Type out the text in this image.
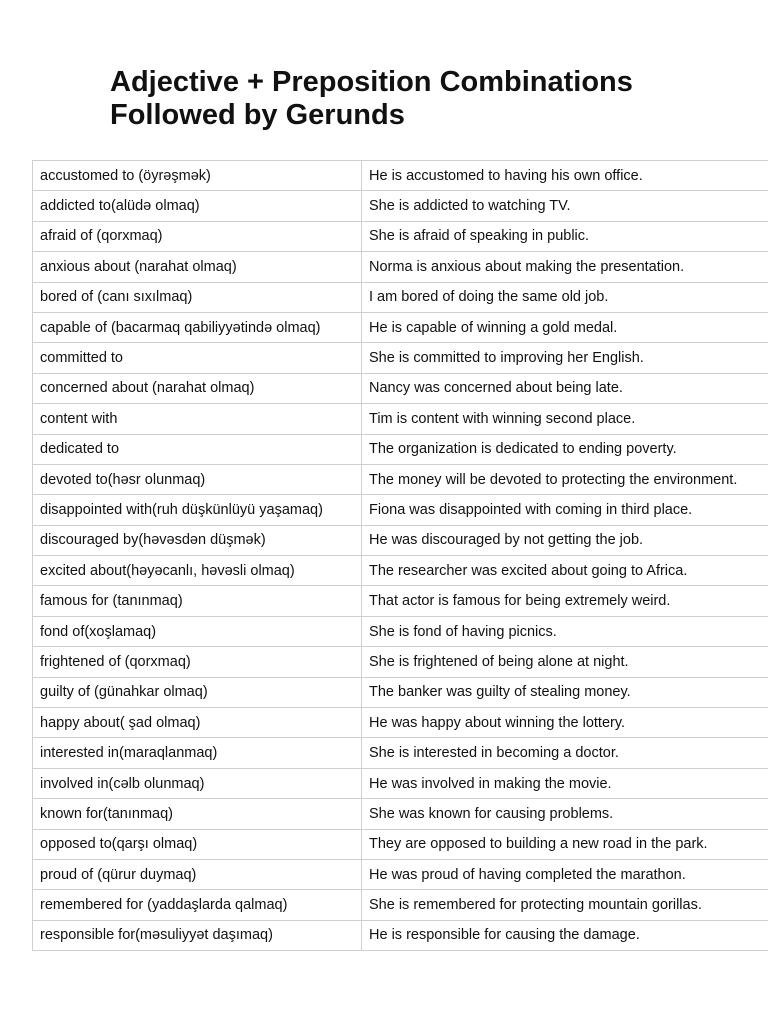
Adjective + Preposition Combinations
Followed by Gerunds
accustomed to (öyrəşmək)	He is accustomed to having his own office.
addicted to(alüdə olmaq)	She is addicted to watching TV.
afraid of (qorxmaq)	She is afraid of speaking in public.
anxious about (narahat olmaq)	Norma is anxious about making the presentation.
bored of (canı sıxılmaq)	I am bored of doing the same old job.
capable of (bacarmaq qabiliyyətində olmaq)	He is capable of winning a gold medal.
committed to	She is committed to improving her English.
concerned about (narahat olmaq)	Nancy was concerned about being late.
content with	Tim is content with winning second place.
dedicated to	The organization is dedicated to ending poverty.
devoted to(həsr olunmaq)	The money will be devoted to protecting the environment.
disappointed with(ruh düşkünlüyü yaşamaq)	Fiona was disappointed with coming in third place.
discouraged by(həvəsdən düşmək)	He was discouraged by not getting the job.
excited about(həyəcanlı, həvəsli olmaq)	The researcher was excited about going to Africa.
famous for (tanınmaq)	That actor is famous for being extremely weird.
fond of(xoşlamaq)	She is fond of having picnics.
frightened of (qorxmaq)	She is frightened of being alone at night.
guilty of (günahkar olmaq)	The banker was guilty of stealing money.
happy about( şad olmaq)	He was happy about winning the lottery.
interested in(maraqlanmaq)	She is interested in becoming a doctor.
involved in(cəlb olunmaq)	He was involved in making the movie.
known for(tanınmaq)	She was known for causing problems.
opposed to(qarşı olmaq)	They are opposed to building a new road in the park.
proud of (qürur duymaq)	He was proud of having completed the marathon.
remembered for (yaddaşlarda qalmaq)	She is remembered for protecting mountain gorillas.
responsible for(məsuliyyət daşımaq)	He is responsible for causing the damage.
